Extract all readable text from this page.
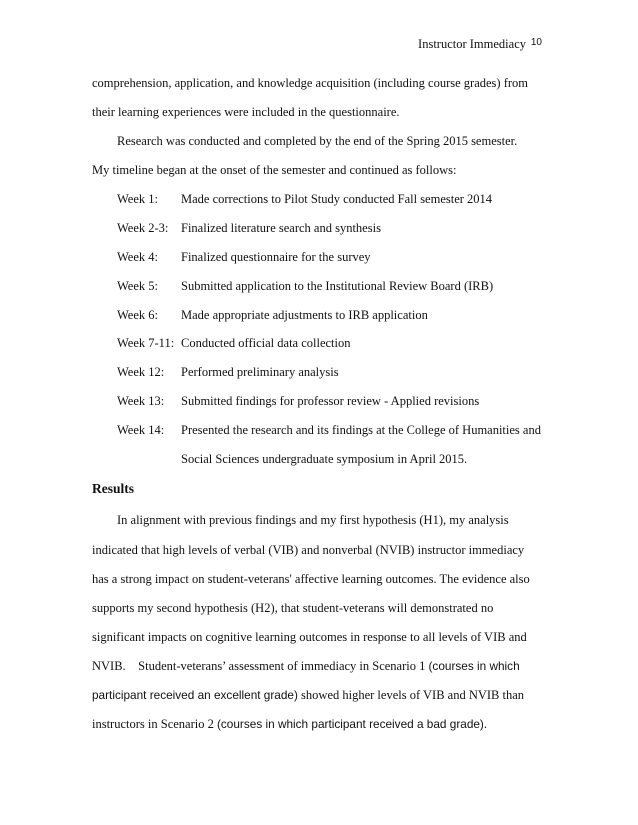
Instructor Immediacy 10
comprehension, application, and knowledge acquisition (including course grades) from
their learning experiences were included in the questionnaire.
Research was conducted and completed by the end of the Spring 2015 semester.
My timeline began at the onset of the semester and continued as follows:
Week 1: Made corrections to Pilot Study conducted Fall semester 2014
Week 2-3: Finalized literature search and synthesis
Week 4: Finalized questionnaire for the survey
Week 5: Submitted application to the Institutional Review Board (IRB)
Week 6: Made appropriate adjustments to IRB application
Week 7-11: Conducted official data collection
Week 12: Performed preliminary analysis
Week 13: Submitted findings for professor review - Applied revisions
Week 14: Presented the research and its findings at the College of Humanities and
Social Sciences undergraduate symposium in April 2015.
Results
In alignment with previous findings and my first hypothesis (H1), my analysis
indicated that high levels of verbal (VIB) and nonverbal (NVIB) instructor immediacy
has a strong impact on student-veterans' affective learning outcomes. The evidence also
supports my second hypothesis (H2), that student-veterans will demonstrated no
significant impacts on cognitive learning outcomes in response to all levels of VIB and
NVIB.    Student-veterans’ assessment of immediacy in Scenario 1 (courses in which
participant received an excellent grade) showed higher levels of VIB and NVIB than
instructors in Scenario 2 (courses in which participant received a bad grade).
